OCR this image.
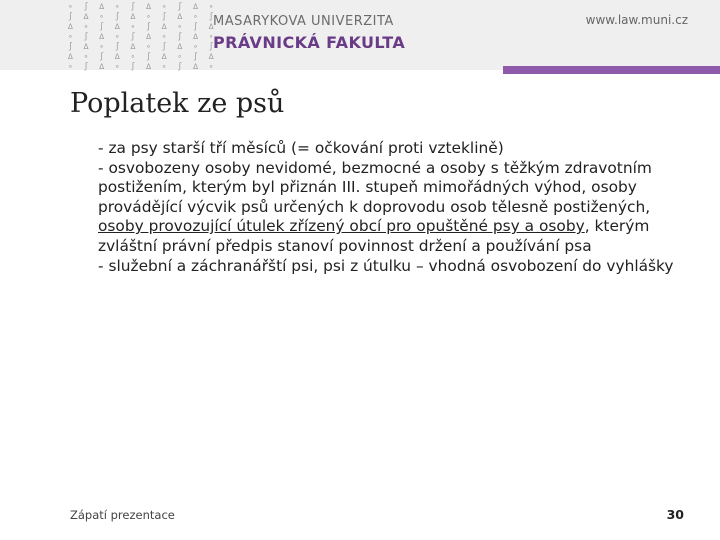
∘ ∫ ∆ ∘ ∫ ∆ ∘ ∫ ∆ ∘
∫ ∆ ∘ ∫ ∆ ∘ ∫ ∆ ∘ ∫
∆ ∘ ∫ ∆ ∘ ∫ ∆ ∘ ∫ ∆
∘ ∫ ∆ ∘ ∫ ∆ ∘ ∫ ∆ ∘
∫ ∆ ∘ ∫ ∆ ∘ ∫ ∆ ∘ ∫
∆ ∘ ∫ ∆ ∘ ∫ ∆ ∘ ∫ ∆
∘ ∫ ∆ ∘ ∫ ∆ ∘ ∫ ∆ ∘
MASARYKOVA UNIVERZITA
PRÁVNICKÁ FAKULTA
www.law.muni.cz
Poplatek ze psů

- za psy starší tří měsíců (= očkování proti vzteklině)

- osvobozeny osoby nevidomé, bezmocné a osoby s těžkým zdravotním postižením, kterým byl přiznán III. stupeň mimořádných výhod, osoby provádějící výcvik psů určených k doprovodu osob tělesně postižených, osoby provozující útulek zřízený obcí pro opuštěné psy a osoby, kterým zvláštní právní předpis stanoví povinnost držení a používání psa

- služební a záchranářští psi, psi z útulku – vhodná osvobození do vyhlášky

Zápatí prezentace	30
